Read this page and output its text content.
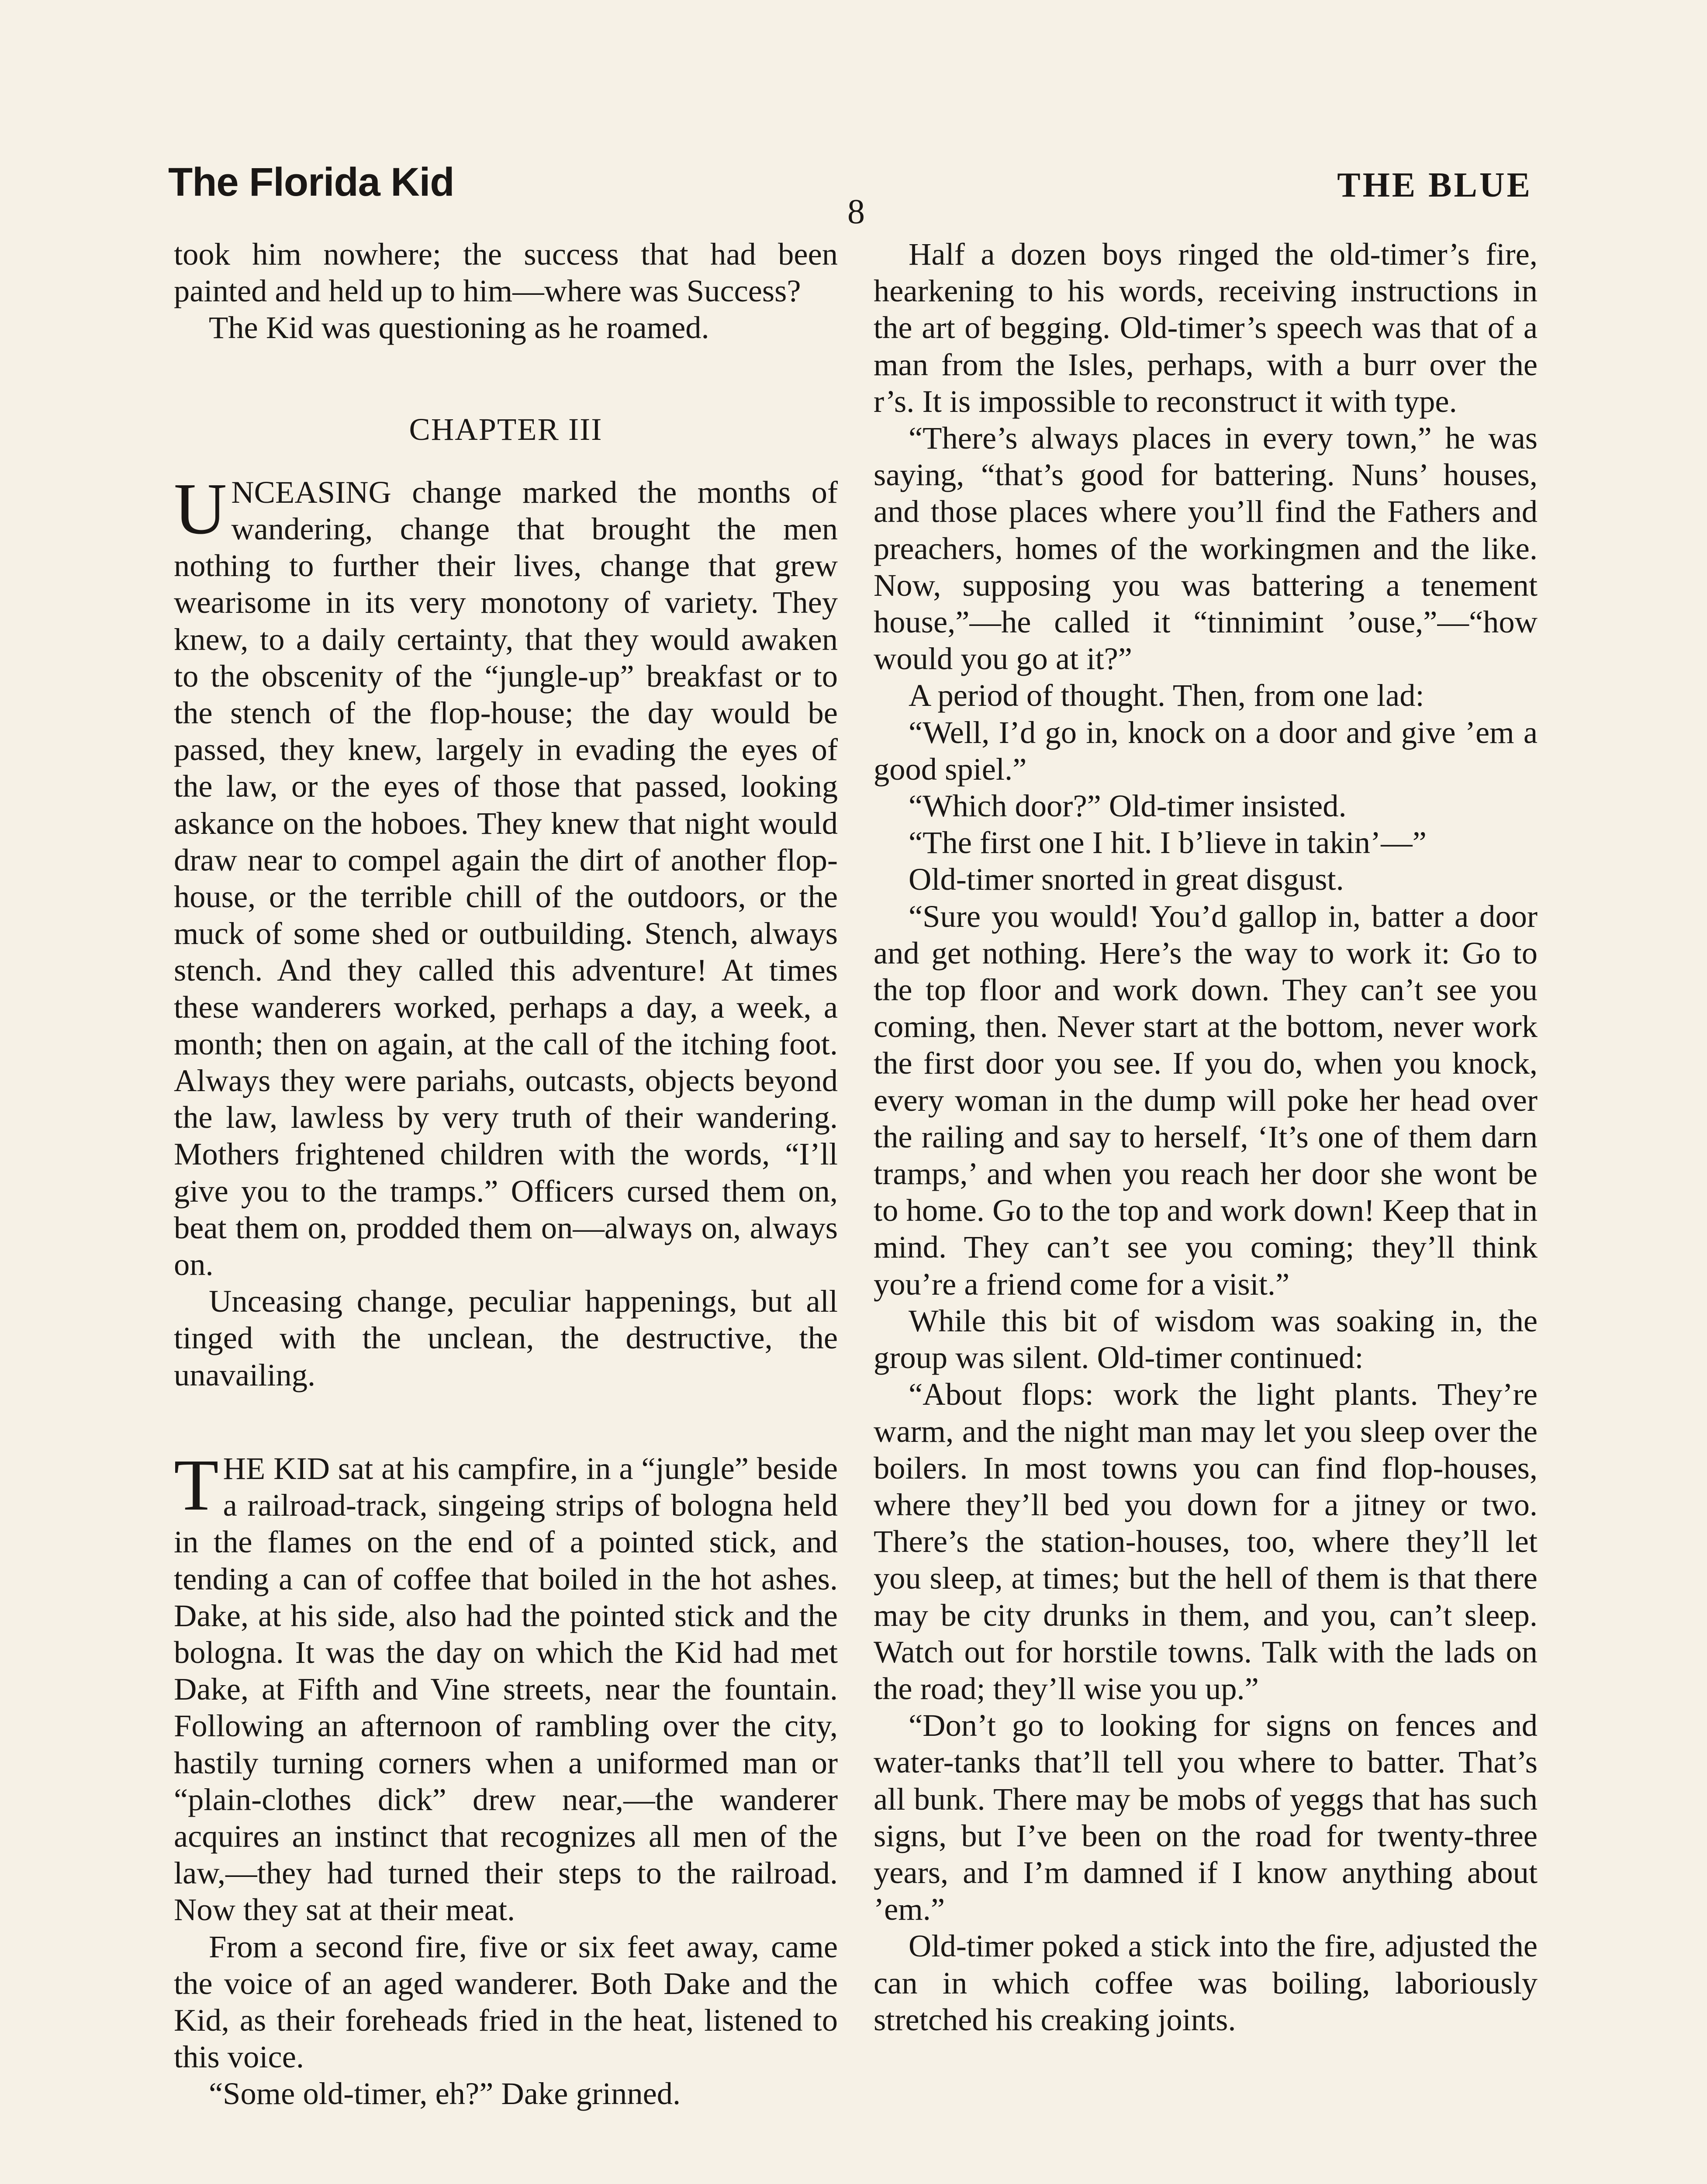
The Florida Kid	THE BLUE
8

took him nowhere; the success that had been painted and held up to him—where was Success?

The Kid was questioning as he roamed.

CHAPTER III

UNCEASING change marked the months of wandering, change that brought the men nothing to further their lives, change that grew wearisome in its very monotony of variety. They knew, to a daily certainty, that they would awaken to the obscenity of the “jungle-up” breakfast or to the stench of the flop-house; the day would be passed, they knew, largely in evading the eyes of the law, or the eyes of those that passed, looking askance on the hoboes. They knew that night would draw near to compel again the dirt of another flop-house, or the terrible chill of the outdoors, or the muck of some shed or outbuilding. Stench, always stench. And they called this adventure! At times these wanderers worked, perhaps a day, a week, a month; then on again, at the call of the itching foot. Always they were pariahs, outcasts, objects beyond the law, lawless by very truth of their wandering. Mothers frightened children with the words, “I’ll give you to the tramps.” Officers cursed them on, beat them on, prodded them on—always on, always on.

Unceasing change, peculiar happenings, but all tinged with the unclean, the destructive, the unavailing.

THE KID sat at his campfire, in a “jungle” beside a railroad-track, singeing strips of bologna held in the flames on the end of a pointed stick, and tending a can of coffee that boiled in the hot ashes. Dake, at his side, also had the pointed stick and the bologna. It was the day on which the Kid had met Dake, at Fifth and Vine streets, near the fountain. Following an afternoon of rambling over the city, hastily turning corners when a uniformed man or “plain-clothes dick” drew near,—the wanderer acquires an instinct that recognizes all men of the law,—they had turned their steps to the railroad. Now they sat at their meat.

From a second fire, five or six feet away, came the voice of an aged wanderer. Both Dake and the Kid, as their foreheads fried in the heat, listened to this voice.

“Some old-timer, eh?” Dake grinned.

Half a dozen boys ringed the old-timer’s fire, hearkening to his words, receiving instructions in the art of begging. Old-timer’s speech was that of a man from the Isles, perhaps, with a burr over the r’s. It is impossible to reconstruct it with type.

“There’s always places in every town,” he was saying, “that’s good for battering. Nuns’ houses, and those places where you’ll find the Fathers and preachers, homes of the workingmen and the like. Now, supposing you was battering a tenement house,”—he called it “tinnimint ’ouse,”—“how would you go at it?”

A period of thought. Then, from one lad:

“Well, I’d go in, knock on a door and give ’em a good spiel.”

“Which door?” Old-timer insisted.

“The first one I hit. I b’lieve in takin’—”

Old-timer snorted in great disgust.

“Sure you would! You’d gallop in, batter a door and get nothing. Here’s the way to work it: Go to the top floor and work down. They can’t see you coming, then. Never start at the bottom, never work the first door you see. If you do, when you knock, every woman in the dump will poke her head over the railing and say to herself, ‘It’s one of them darn tramps,’ and when you reach her door she wont be to home. Go to the top and work down! Keep that in mind. They can’t see you coming; they’ll think you’re a friend come for a visit.”

While this bit of wisdom was soaking in, the group was silent. Old-timer continued:

“About flops: work the light plants. They’re warm, and the night man may let you sleep over the boilers. In most towns you can find flop-houses, where they’ll bed you down for a jitney or two. There’s the station-houses, too, where they’ll let you sleep, at times; but the hell of them is that there may be city drunks in them, and you, can’t sleep. Watch out for horstile towns. Talk with the lads on the road; they’ll wise you up.”

“Don’t go to looking for signs on fences and water-tanks that’ll tell you where to batter. That’s all bunk. There may be mobs of yeggs that has such signs, but I’ve been on the road for twenty-three years, and I’m damned if I know anything about ’em.”

Old-timer poked a stick into the fire, adjusted the can in which coffee was boiling, laboriously stretched his creaking joints.
